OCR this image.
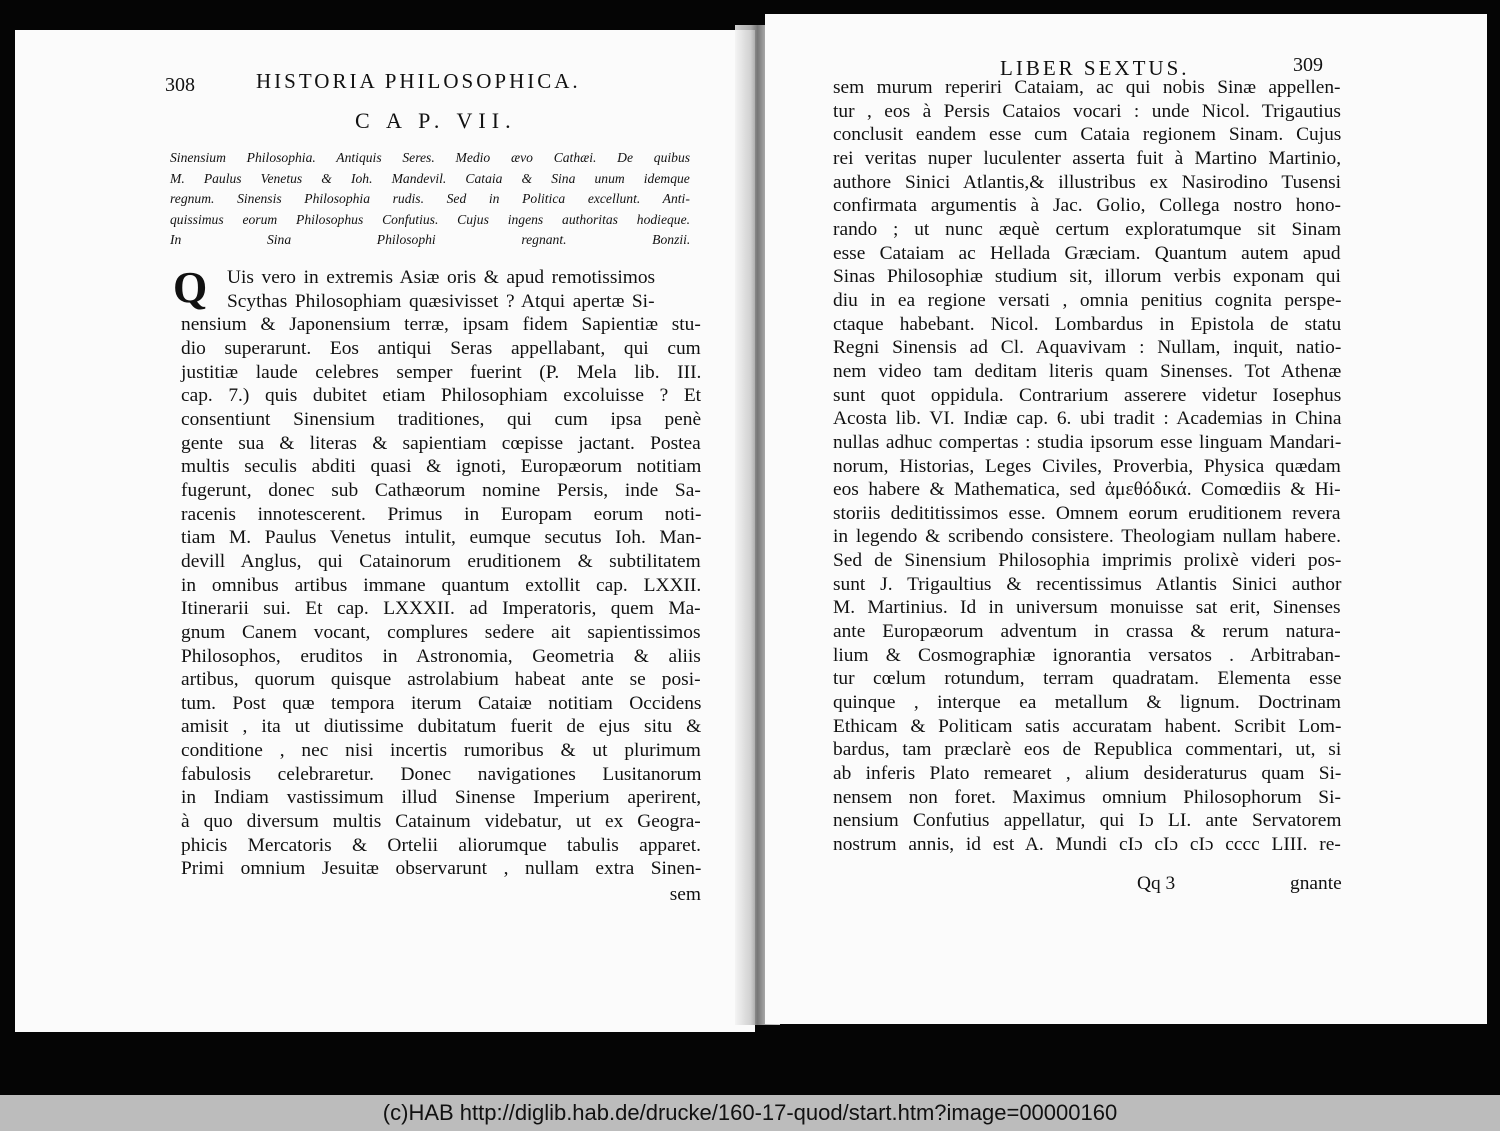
308	HISTORIA PHILOSOPHICA.
C A P. VII.
Sinensium Philosophia. Antiquis Seres. Medio ævo Cathæi. De quibus
M. Paulus Venetus & Ioh. Mandevil. Cataia & Sina unum idemque
regnum. Sinensis Philosophia rudis. Sed in Politica excellunt. Anti-
quissimus eorum Philosophus Confutius. Cujus ingens authoritas hodieque.
In Sina Philosophi regnant. Bonzii.
Q	Uis vero in extremis Asiæ oris & apud remotissimos
Scythas Philosophiam quæsivisset ? Atqui apertæ Si-
nensium & Japonensium terræ, ipsam fidem Sapientiæ stu-
dio superarunt. Eos antiqui Seras appellabant, qui cum
justitiæ laude celebres semper fuerint (P. Mela lib. III.
cap. 7.) quis dubitet etiam Philosophiam excoluisse ? Et
consentiunt Sinensium traditiones, qui cum ipsa penè
gente sua & literas & sapientiam cœpisse jactant. Postea
multis seculis abditi quasi & ignoti, Europæorum notitiam
fugerunt, donec sub Cathæorum nomine Persis, inde Sa-
racenis innotescerent. Primus in Europam eorum noti-
tiam M. Paulus Venetus intulit, eumque secutus Ioh. Man-
devill Anglus, qui Catainorum eruditionem & subtilitatem
in omnibus artibus immane quantum extollit cap. LXXII.
Itinerarii sui. Et cap. LXXXII. ad Imperatoris, quem Ma-
gnum Canem vocant, complures sedere ait sapientissimos
Philosophos, eruditos in Astronomia, Geometria & aliis
artibus, quorum quisque astrolabium habeat ante se posi-
tum. Post quæ tempora iterum Cataiæ notitiam Occidens
amisit , ita ut diutissime dubitatum fuerit de ejus situ &
conditione , nec nisi incertis rumoribus & ut plurimum
fabulosis celebraretur. Donec navigationes Lusitanorum
in Indiam vastissimum illud Sinense Imperium aperirent,
à quo diversum multis Catainum videbatur, ut ex Geogra-
phicis Mercatoris & Ortelii aliorumque tabulis apparet.
Primi omnium Jesuitæ observarunt , nullam extra Sinen-
sem
LIBER SEXTUS.	309
sem murum reperiri Cataiam, ac qui nobis Sinæ appellen-
tur , eos à Persis Cataios vocari : unde Nicol. Trigautius
conclusit eandem esse cum Cataia regionem Sinam. Cujus
rei veritas nuper luculenter asserta fuit à Martino Martinio,
authore Sinici Atlantis,& illustribus ex Nasirodino Tusensi
confirmata argumentis à Jac. Golio, Collega nostro hono-
rando ; ut nunc æquè certum exploratumque sit Sinam
esse Cataiam ac Hellada Græciam. Quantum autem apud
Sinas Philosophiæ studium sit, illorum verbis exponam qui
diu in ea regione versati , omnia penitius cognita perspe-
ctaque habebant. Nicol. Lombardus in Epistola de statu
Regni Sinensis ad Cl. Aquavivam : Nullam, inquit, natio-
nem video tam deditam literis quam Sinenses. Tot Athenæ
sunt quot oppidula. Contrarium asserere videtur Iosephus
Acosta lib. VI. Indiæ cap. 6. ubi tradit : Academias in China
nullas adhuc compertas : studia ipsorum esse linguam Mandari-
norum, Historias, Leges Civiles, Proverbia, Physica quædam
eos habere & Mathematica, sed ἀμεθόδικά. Comœdiis & Hi-
storiis dedititissimos esse. Omnem eorum eruditionem revera
in legendo & scribendo consistere. Theologiam nullam habere.
Sed de Sinensium Philosophia imprimis prolixè videri pos-
sunt J. Trigaultius & recentissimus Atlantis Sinici author
M. Martinius. Id in universum monuisse sat erit, Sinenses
ante Europæorum adventum in crassa & rerum natura-
lium & Cosmographiæ ignorantia versatos . Arbitraban-
tur cœlum rotundum, terram quadratam. Elementa esse
quinque , interque ea metallum & lignum. Doctrinam
Ethicam & Politicam satis accuratam habent. Scribit Lom-
bardus, tam præclarè eos de Republica commentari, ut, si
ab inferis Plato remearet , alium desideraturus quam Si-
nensem non foret. Maximus omnium Philosophorum Si-
nensium Confutius appellatur, qui Iɔ LI. ante Servatorem
nostrum annis, id est A. Mundi cIɔ cIɔ cIɔ cccc LIII. re-
Qq 3	gnante
(c)HAB http://diglib.hab.de/drucke/160-17-quod/start.htm?image=00000160
